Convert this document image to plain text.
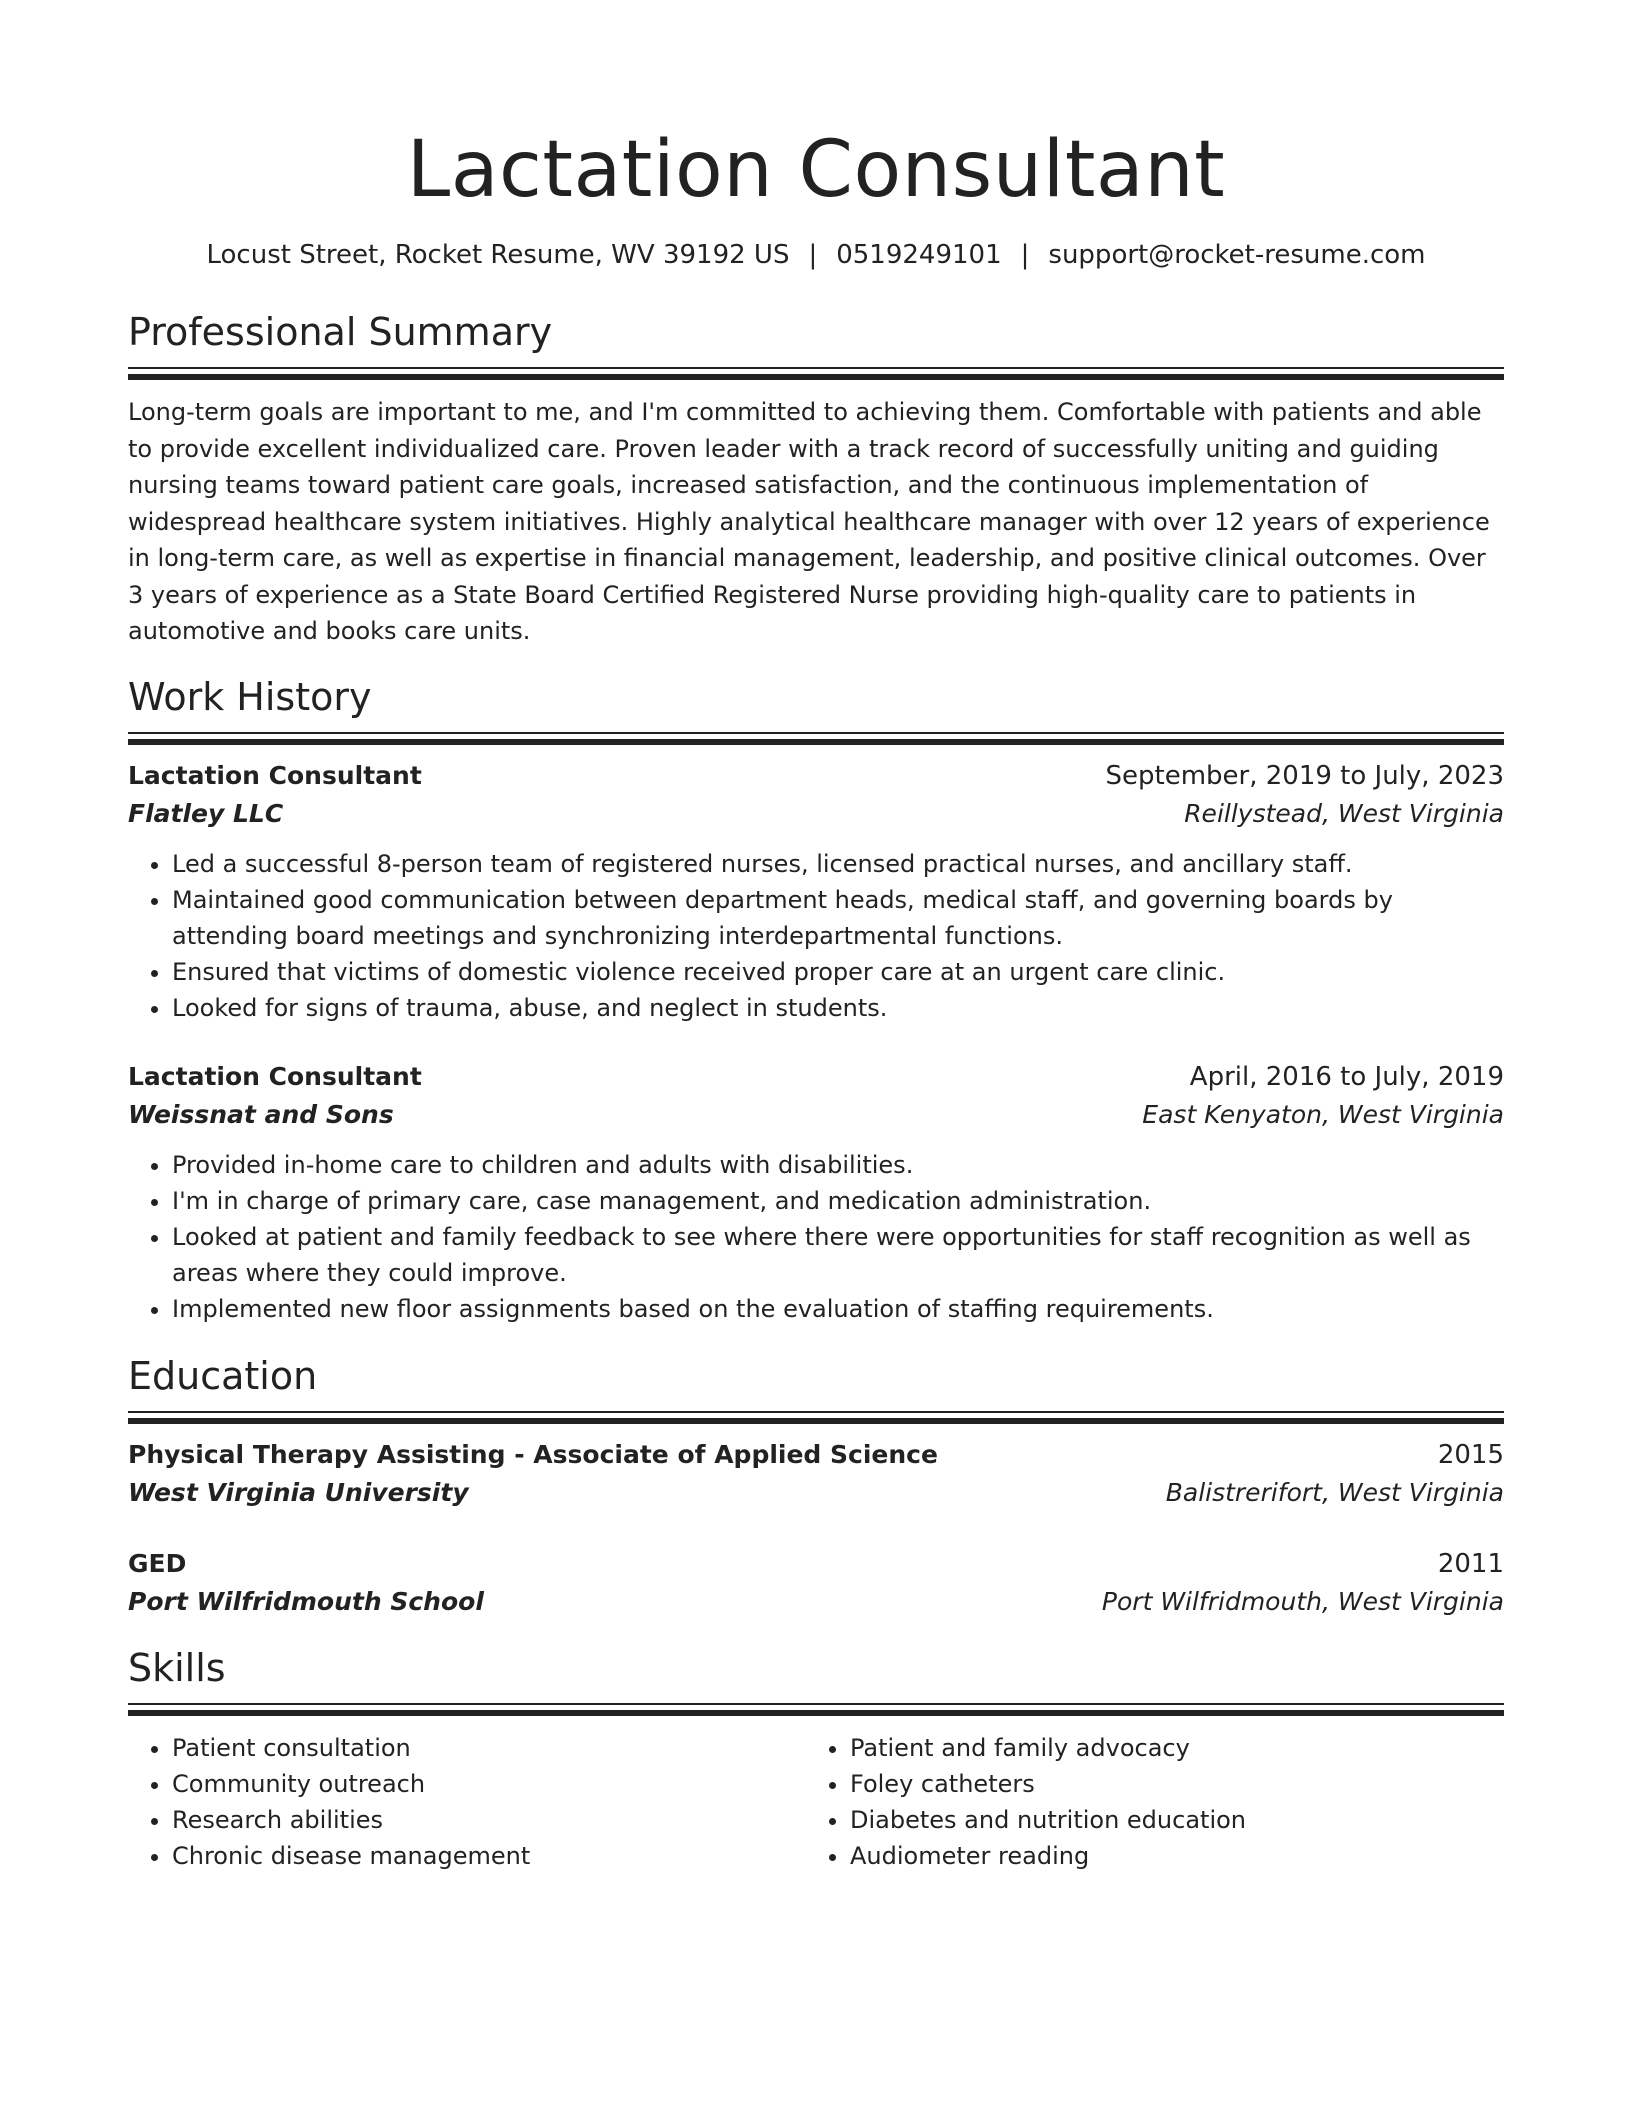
Lactation Consultant
Locust Street, Rocket Resume, WV 39192 US | 0519249101 | support@rocket-resume.com
Professional Summary
Long-term goals are important to me, and I'm committed to achieving them. Comfortable with patients and able to provide excellent individualized care. Proven leader with a track record of successfully uniting and guiding nursing teams toward patient care goals, increased satisfaction, and the continuous implementation of widespread healthcare system initiatives. Highly analytical healthcare manager with over 12 years of experience in long-term care, as well as expertise in financial management, leadership, and positive clinical outcomes. Over 3 years of experience as a State Board Certified Registered Nurse providing high-quality care to patients in automotive and books care units.
Work History
Lactation Consultant	September, 2019 to July, 2023
Flatley LLC	Reillystead, West Virginia
• Led a successful 8-person team of registered nurses, licensed practical nurses, and ancillary staff.
• Maintained good communication between department heads, medical staff, and governing boards by attending board meetings and synchronizing interdepartmental functions.
• Ensured that victims of domestic violence received proper care at an urgent care clinic.
• Looked for signs of trauma, abuse, and neglect in students.
Lactation Consultant	April, 2016 to July, 2019
Weissnat and Sons	East Kenyaton, West Virginia
• Provided in-home care to children and adults with disabilities.
• I'm in charge of primary care, case management, and medication administration.
• Looked at patient and family feedback to see where there were opportunities for staff recognition as well as areas where they could improve.
• Implemented new floor assignments based on the evaluation of staffing requirements.
Education
Physical Therapy Assisting - Associate of Applied Science	2015
West Virginia University	Balistrerifort, West Virginia
GED	2011
Port Wilfridmouth School	Port Wilfridmouth, West Virginia
Skills
• Patient consultation
• Community outreach
• Research abilities
• Chronic disease management
• Patient and family advocacy
• Foley catheters
• Diabetes and nutrition education
• Audiometer reading
